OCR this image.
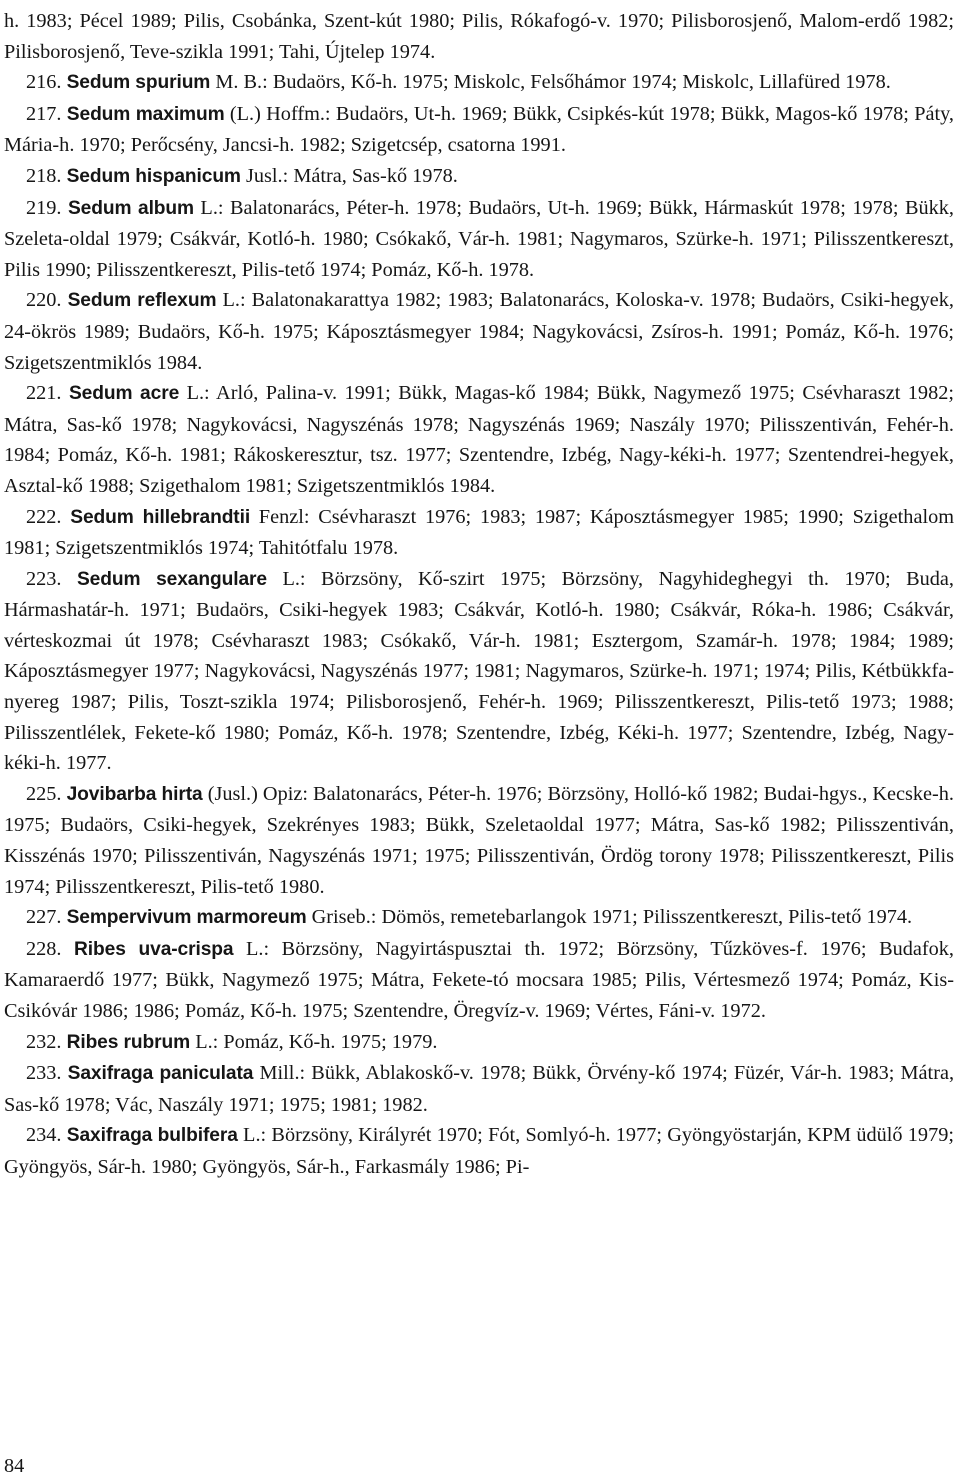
h. 1983; Pécel 1989; Pilis, Csobánka, Szent-kút 1980; Pilis, Rókafogó-v. 1970; Pilisborosjenő, Malom-erdő 1982; Pilisborosjenő, Teve-szikla 1991; Tahi, Újtelep 1974.

216. Sedum spurium M. B.: Budaörs, Kő-h. 1975; Miskolc, Felsőhámor 1974; Miskolc, Lillafüred 1978.

217. Sedum maximum (L.) Hoffm.: Budaörs, Ut-h. 1969; Bükk, Csipkés-kút 1978; Bükk, Magos-kő 1978; Páty, Mária-h. 1970; Perőcsény, Jancsi-h. 1982; Szigetcsép, csatorna 1991.

218. Sedum hispanicum Jusl.: Mátra, Sas-kő 1978.

219. Sedum album L.: Balatonarács, Péter-h. 1978; Budaörs, Ut-h. 1969; Bükk, Hármaskút 1978; 1978; Bükk, Szeleta-oldal 1979; Csákvár, Kotló-h. 1980; Csókakő, Vár-h. 1981; Nagymaros, Szürke-h. 1971; Pilisszentkereszt, Pilis 1990; Pilisszentkereszt, Pilis-tető 1974; Pomáz, Kő-h. 1978.

220. Sedum reflexum L.: Balatonakarattya 1982; 1983; Balatonarács, Koloska-v. 1978; Budaörs, Csiki-hegyek, 24-ökrös 1989; Budaörs, Kő-h. 1975; Káposztásmegyer 1984; Nagykovácsi, Zsíros-h. 1991; Pomáz, Kő-h. 1976; Szigetszentmiklós 1984.

221. Sedum acre L.: Arló, Palina-v. 1991; Bükk, Magas-kő 1984; Bükk, Nagymező 1975; Csévharaszt 1982; Mátra, Sas-kő 1978; Nagykovácsi, Nagyszénás 1978; Nagyszénás 1969; Naszály 1970; Pilisszentiván, Fehér-h. 1984; Pomáz, Kő-h. 1981; Rákoskeresztur, tsz. 1977; Szentendre, Izbég, Nagy-kéki-h. 1977; Szentendrei-hegyek, Asztal-kő 1988; Szigethalom 1981; Szigetszentmiklós 1984.

222. Sedum hillebrandtii Fenzl: Csévharaszt 1976; 1983; 1987; Káposztásmegyer 1985; 1990; Szigethalom 1981; Szigetszentmiklós 1974; Tahitótfalu 1978.

223. Sedum sexangulare L.: Börzsöny, Kő-szirt 1975; Börzsöny, Nagyhideghegyi th. 1970; Buda, Hármashatár-h. 1971; Budaörs, Csiki-hegyek 1983; Csákvár, Kotló-h. 1980; Csákvár, Róka-h. 1986; Csákvár, vérteskozmai út 1978; Csévharaszt 1983; Csókakő, Vár-h. 1981; Esztergom, Szamár-h. 1978; 1984; 1989; Káposztásmegyer 1977; Nagykovácsi, Nagyszénás 1977; 1981; Nagymaros, Szürke-h. 1971; 1974; Pilis, Kétbükkfa-nyereg 1987; Pilis, Toszt-szikla 1974; Pilisborosjenő, Fehér-h. 1969; Pilisszentkereszt, Pilis-tető 1973; 1988; Pilisszentlélek, Fekete-kő 1980; Pomáz, Kő-h. 1978; Szentendre, Izbég, Kéki-h. 1977; Szentendre, Izbég, Nagy-kéki-h. 1977.

225. Jovibarba hirta (Jusl.) Opiz: Balatonarács, Péter-h. 1976; Börzsöny, Holló-kő 1982; Budai-hgys., Kecske-h. 1975; Budaörs, Csiki-hegyek, Szekrényes 1983; Bükk, Szeletaoldal 1977; Mátra, Sas-kő 1982; Pilisszentiván, Kisszénás 1970; Pilisszentiván, Nagyszénás 1971; 1975; Pilisszentiván, Ördög torony 1978; Pilisszentkereszt, Pilis 1974; Pilisszentkereszt, Pilis-tető 1980.

227. Sempervivum marmoreum Griseb.: Dömös, remetebarlangok 1971; Pilisszentkereszt, Pilis-tető 1974.

228. Ribes uva-crispa L.: Börzsöny, Nagyirtáspusztai th. 1972; Börzsöny, Tűzköves-f. 1976; Budafok, Kamaraerdő 1977; Bükk, Nagymező 1975; Mátra, Fekete-tó mocsara 1985; Pilis, Vértesmező 1974; Pomáz, Kis-Csikóvár 1986; 1986; Pomáz, Kő-h. 1975; Szentendre, Öregvíz-v. 1969; Vértes, Fáni-v. 1972.

232. Ribes rubrum L.: Pomáz, Kő-h. 1975; 1979.

233. Saxifraga paniculata Mill.: Bükk, Ablakoskő-v. 1978; Bükk, Örvény-kő 1974; Füzér, Vár-h. 1983; Mátra, Sas-kő 1978; Vác, Naszály 1971; 1975; 1981; 1982.

234. Saxifraga bulbifera L.: Börzsöny, Királyrét 1970; Fót, Somlyó-h. 1977; Gyöngyöstarján, KPM üdülő 1979; Gyöngyös, Sár-h. 1980; Gyöngyös, Sár-h., Farkasmály 1986; Pi-

84
